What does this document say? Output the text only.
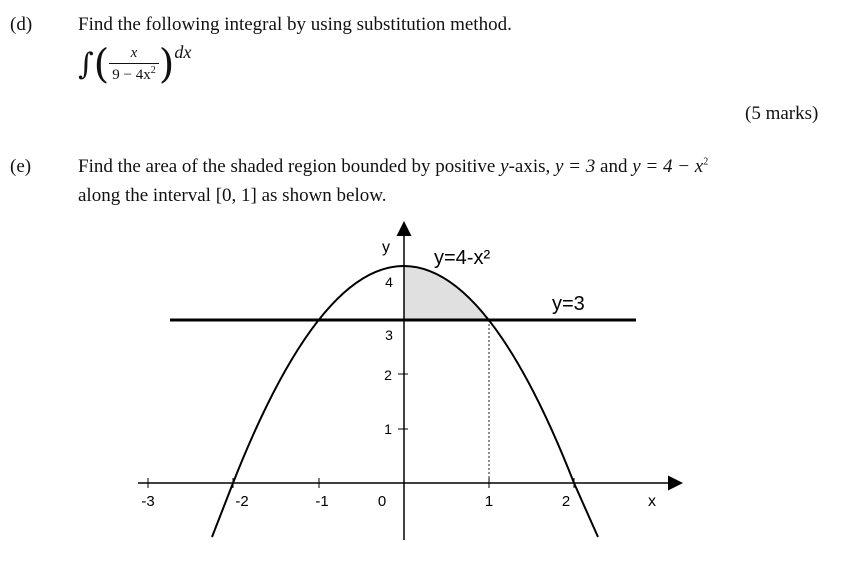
(d) Find the following integral by using substitution method.
∫( $\frac{x}{9 - 4x^2} )dx$
(5 marks)
(e) Find the area of the shaded region bounded by positive y-axis, y = 3 and $y = 4 - x^2$
along the interval [0, 1] as shown below.
-3	-2	-1	0	1	2
1
2
3
4
x
y y=4-x²
y=3
